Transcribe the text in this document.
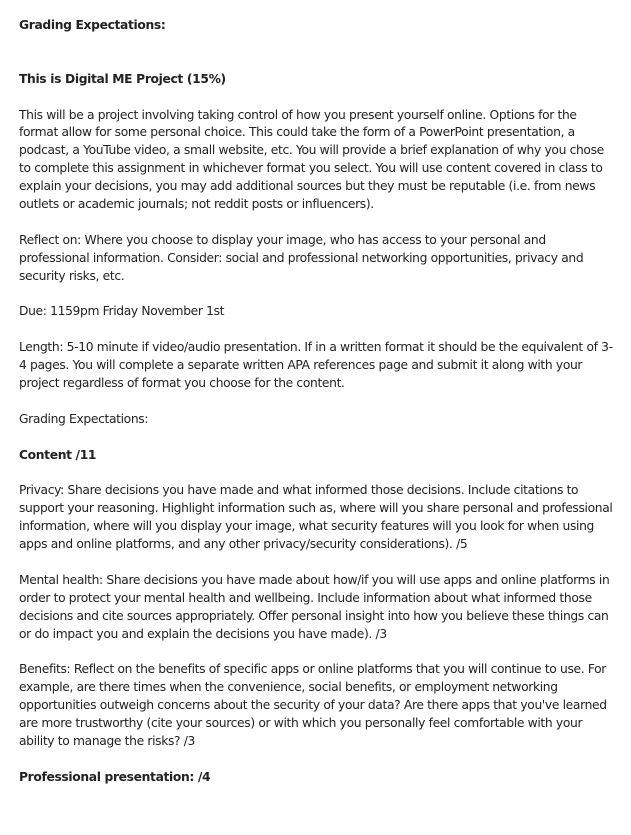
Grading Expectations:

This is Digital ME Project (15%)

This will be a project involving taking control of how you present yourself online. Options for the format allow for some personal choice. This could take the form of a PowerPoint presentation, a podcast, a YouTube video, a small website, etc. You will provide a brief explanation of why you chose to complete this assignment in whichever format you select. You will use content covered in class to explain your decisions, you may add additional sources but they must be reputable (i.e. from news outlets or academic journals; not reddit posts or influencers).

Reflect on: Where you choose to display your image, who has access to your personal and professional information. Consider: social and professional networking opportunities, privacy and security risks, etc.

Due: 1159pm Friday November 1st

Length: 5-10 minute if video/audio presentation. If in a written format it should be the equivalent of 3-4 pages. You will complete a separate written APA references page and submit it along with your project regardless of format you choose for the content.

Grading Expectations:

Content /11

Privacy: Share decisions you have made and what informed those decisions. Include citations to support your reasoning. Highlight information such as, where will you share personal and professional information, where will you display your image, what security features will you look for when using apps and online platforms, and any other privacy/security considerations). /5

Mental health: Share decisions you have made about how/if you will use apps and online platforms in order to protect your mental health and wellbeing. Include information about what informed those decisions and cite sources appropriately. Offer personal insight into how you believe these things can or do impact you and explain the decisions you have made). /3

Benefits: Reflect on the benefits of specific apps or online platforms that you will continue to use. For example, are there times when the convenience, social benefits, or employment networking opportunities outweigh concerns about the security of your data? Are there apps that you've learned are more trustworthy (cite your sources) or with which you personally feel comfortable with your ability to manage the risks? /3

Professional presentation: /4
